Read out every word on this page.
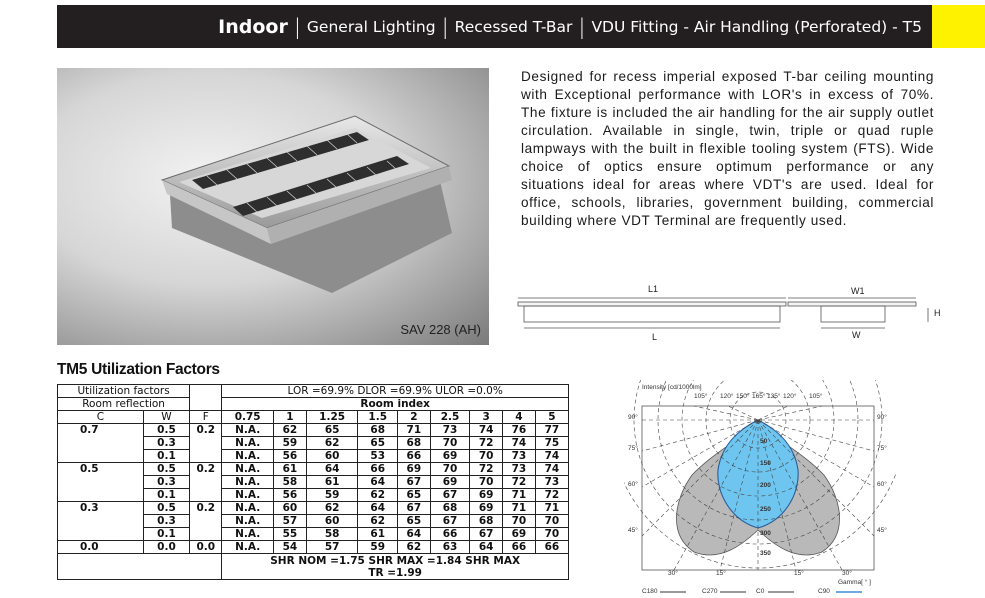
Indoor | General Lighting | Recessed T-Bar | VDU Fitting - Air Handling (Perforated) - T5
SAV 228 (AH)
Designed for recess imperial exposed T-bar ceiling mounting with Exceptional performance with LOR's in excess of 70%. The fixture is included the air handling for the air supply outlet circulation. Available in single, twin, triple or quad ruple lampways with the built in flexible tooling system (FTS). Wide choice of optics ensure optimum performance or any situations ideal for areas where VDT's are used. Ideal for office, schools, libraries, government building, commercial building where VDT Terminal are frequently used.
L1
L
W1
W
H
TM5 Utilization Factors
Utilization factors			LOR =69.9% DLOR =69.9% ULOR =0.0%								
Room reflection			Room index								
C	W	F	0.75	1	1.25	1.5	2	2.5	3	4	5
0.7	0.5	0.2	N.A.	62	65	68	71	73	74	76	77
	0.3		N.A.	59	62	65	68	70	72	74	75
	0.1		N.A.	56	60	53	66	69	70	73	74
0.5	0.5	0.2	N.A.	61	64	66	69	70	72	73	74
	0.3		N.A.	58	61	64	67	69	70	72	73
	0.1		N.A.	56	59	62	65	67	69	71	72
0.3	0.5	0.2	N.A.	60	62	64	67	68	69	71	71
	0.3		N.A.	57	60	62	65	67	68	70	70
	0.1		N.A.	55	58	61	64	66	67	69	70
0.0	0.0	0.0	N.A.	54	57	59	62	63	64	66	66

			SHR NOM =1.75 SHR MAX =1.84 SHR MAX
TR =1.99								
Intensity [cd/1000lm]
105° 120° 150° 165° 135° 120° 105°
90°
75°
60°
45°
90°
75°
60°
45°
50
150
200
250
300
350
30°	15°	15°	30°
Gamma[ ° ]
C180	C270	C0	C90
